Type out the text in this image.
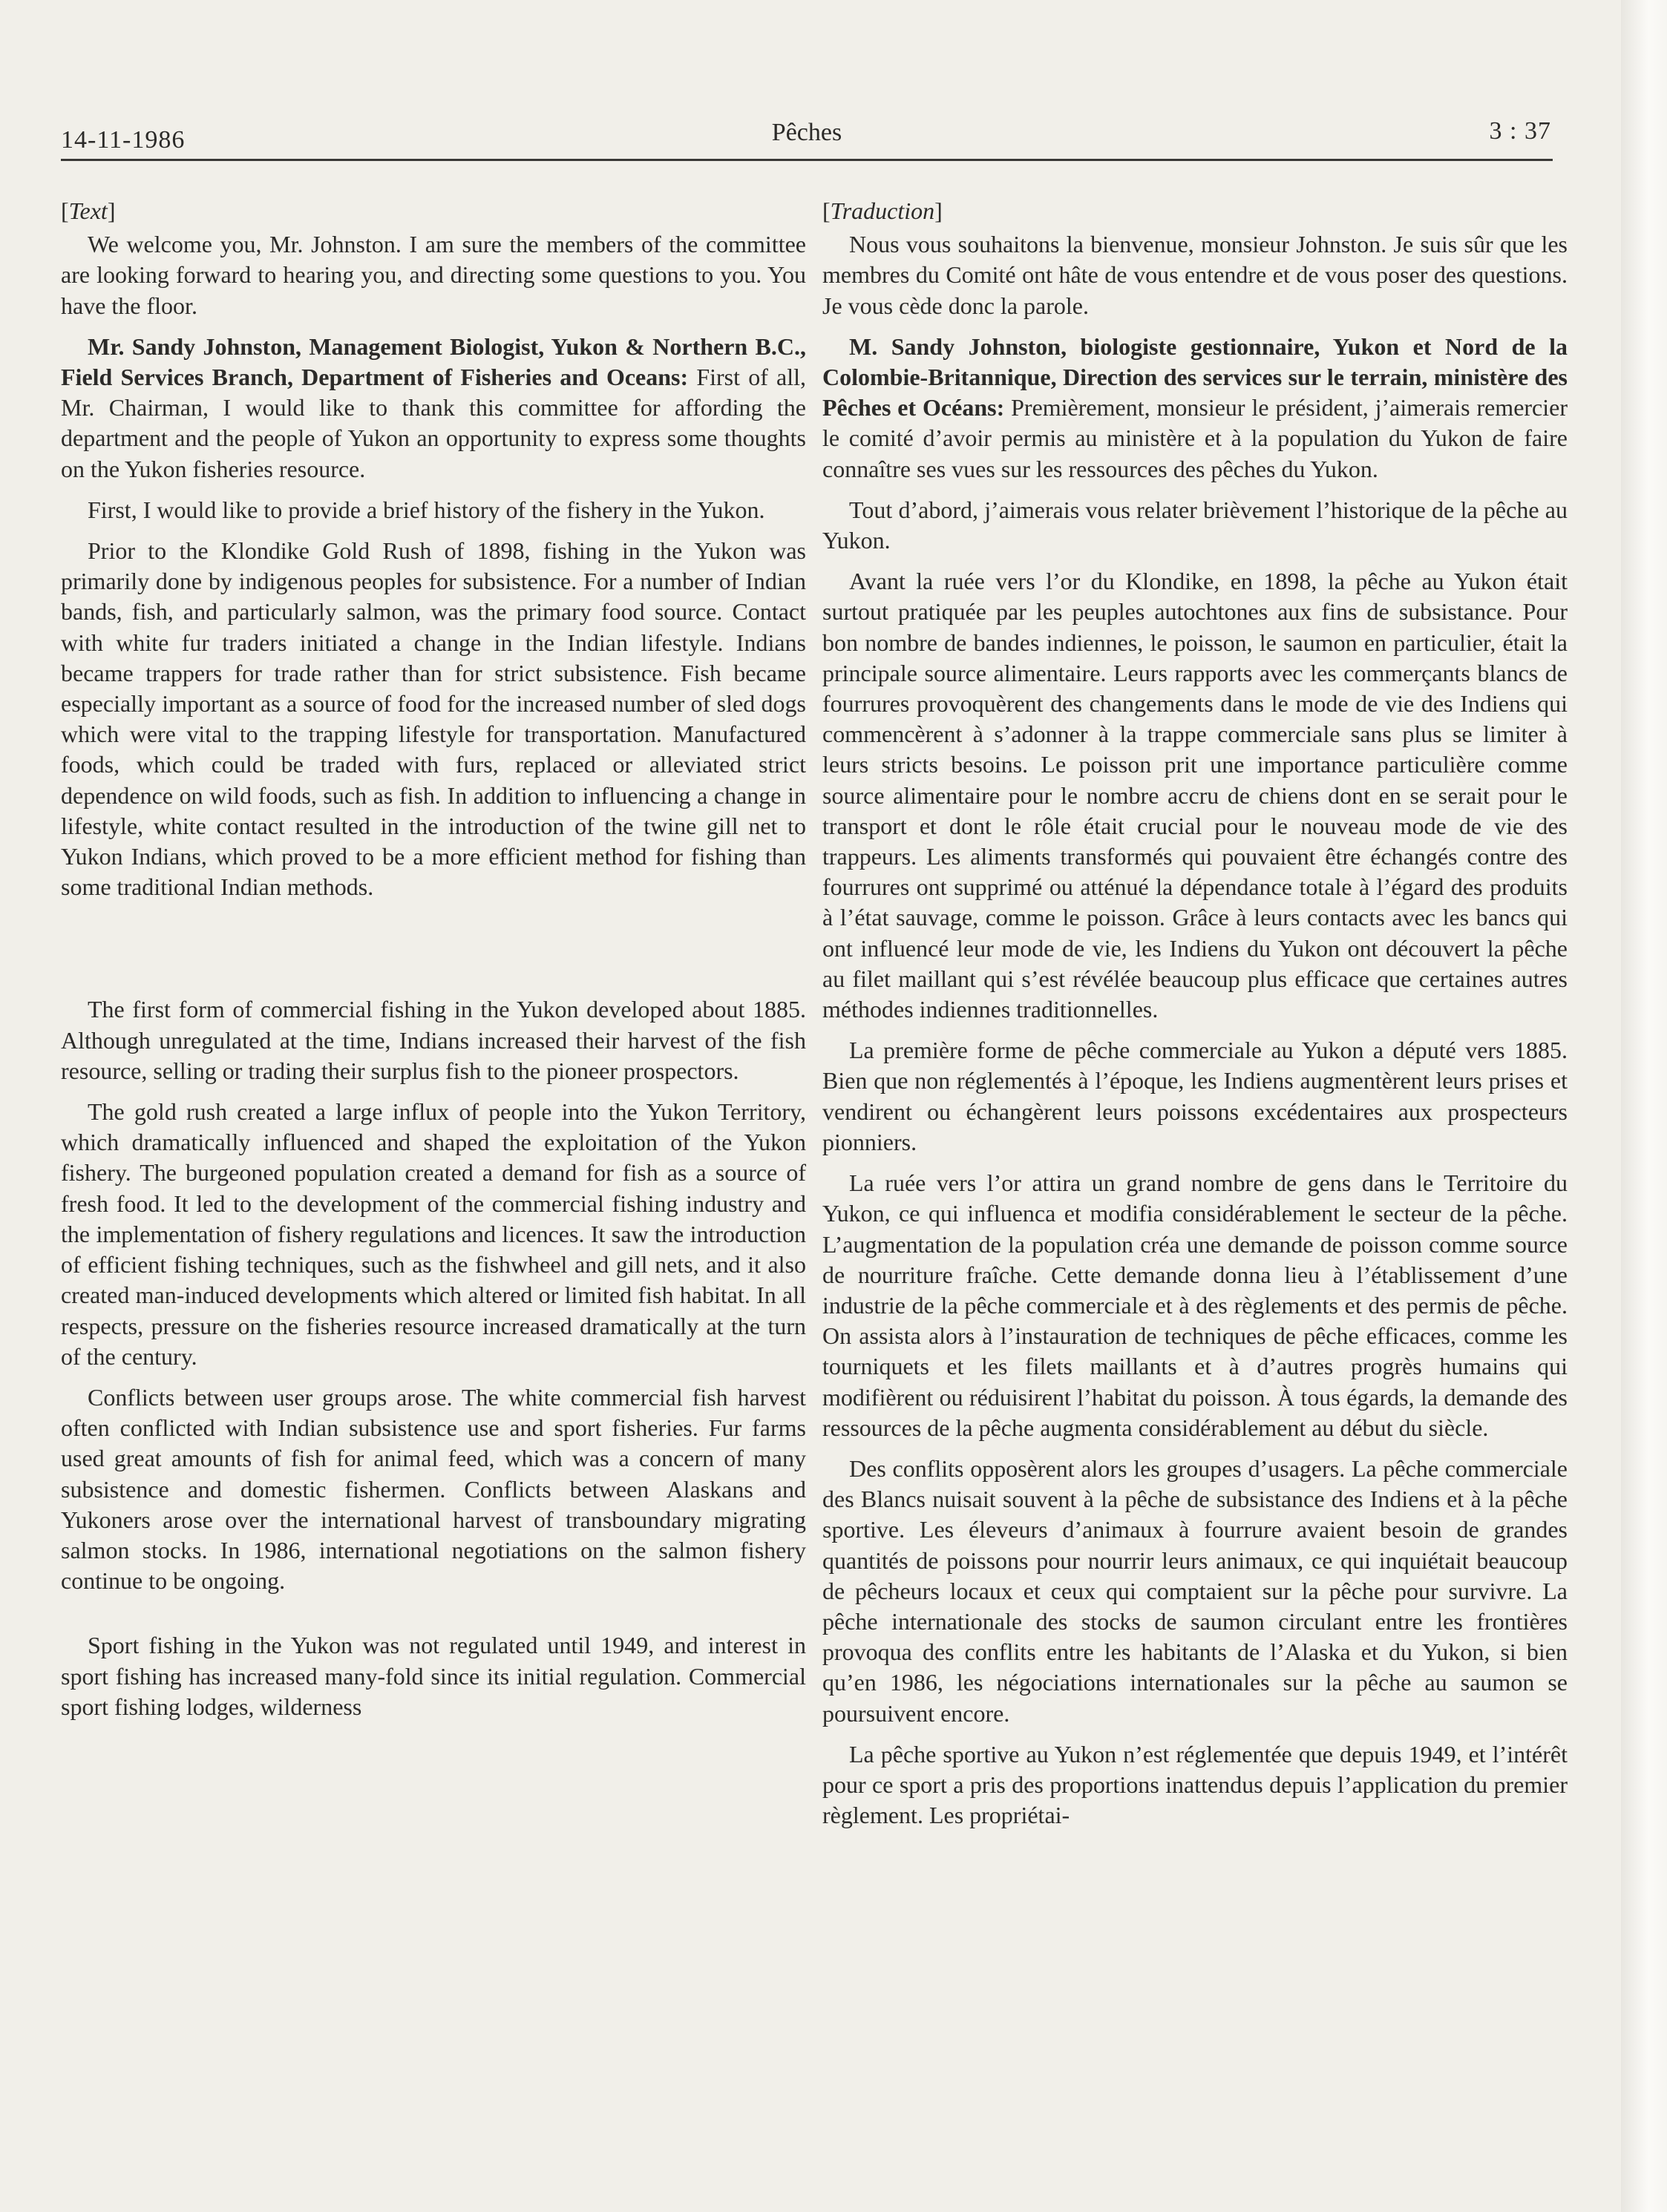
14-11-1986	Pêches	3 : 37

[Text]

We welcome you, Mr. Johnston. I am sure the members of the committee are looking forward to hearing you, and directing some questions to you. You have the floor.

Mr. Sandy Johnston, Management Biologist, Yukon & Northern B.C., Field Services Branch, Department of Fisheries and Oceans: First of all, Mr. Chairman, I would like to thank this committee for affording the department and the people of Yukon an opportunity to express some thoughts on the Yukon fisheries resource.

First, I would like to provide a brief history of the fishery in the Yukon.

Prior to the Klondike Gold Rush of 1898, fishing in the Yukon was primarily done by indigenous peoples for subsistence. For a number of Indian bands, fish, and particularly salmon, was the primary food source. Contact with white fur traders initiated a change in the Indian lifestyle. Indians became trappers for trade rather than for strict subsistence. Fish became especially important as a source of food for the increased number of sled dogs which were vital to the trapping lifestyle for transportation. Manufactured foods, which could be traded with furs, replaced or alleviated strict dependence on wild foods, such as fish. In addition to influencing a change in lifestyle, white contact resulted in the introduction of the twine gill net to Yukon Indians, which proved to be a more efficient method for fishing than some traditional Indian methods.

The first form of commercial fishing in the Yukon developed about 1885. Although unregulated at the time, Indians increased their harvest of the fish resource, selling or trading their surplus fish to the pioneer prospectors.

The gold rush created a large influx of people into the Yukon Territory, which dramatically influenced and shaped the exploitation of the Yukon fishery. The burgeoned population created a demand for fish as a source of fresh food. It led to the development of the commercial fishing industry and the implementation of fishery regulations and licences. It saw the introduction of efficient fishing techniques, such as the fishwheel and gill nets, and it also created man-induced developments which altered or limited fish habitat. In all respects, pressure on the fisheries resource increased dramatically at the turn of the century.

Conflicts between user groups arose. The white commercial fish harvest often conflicted with Indian subsistence use and sport fisheries. Fur farms used great amounts of fish for animal feed, which was a concern of many subsistence and domestic fishermen. Conflicts between Alaskans and Yukoners arose over the international harvest of transboundary migrating salmon stocks. In 1986, international negotiations on the salmon fishery continue to be ongoing.

Sport fishing in the Yukon was not regulated until 1949, and interest in sport fishing has increased many-fold since its initial regulation. Commercial sport fishing lodges, wilderness

[Traduction]

Nous vous souhaitons la bienvenue, monsieur Johnston. Je suis sûr que les membres du Comité ont hâte de vous entendre et de vous poser des questions. Je vous cède donc la parole.

M. Sandy Johnston, biologiste gestionnaire, Yukon et Nord de la Colombie-Britannique, Direction des services sur le terrain, ministère des Pêches et Océans: Premièrement, monsieur le président, j’aimerais remercier le comité d’avoir permis au ministère et à la population du Yukon de faire connaître ses vues sur les ressources des pêches du Yukon.

Tout d’abord, j’aimerais vous relater brièvement l’historique de la pêche au Yukon.

Avant la ruée vers l’or du Klondike, en 1898, la pêche au Yukon était surtout pratiquée par les peuples autochtones aux fins de subsistance. Pour bon nombre de bandes indiennes, le poisson, le saumon en particulier, était la principale source alimentaire. Leurs rapports avec les commerçants blancs de fourrures provoquèrent des changements dans le mode de vie des Indiens qui commencèrent à s’adonner à la trappe commerciale sans plus se limiter à leurs stricts besoins. Le poisson prit une importance particulière comme source alimentaire pour le nombre accru de chiens dont en se serait pour le transport et dont le rôle était crucial pour le nouveau mode de vie des trappeurs. Les aliments transformés qui pouvaient être échangés contre des fourrures ont supprimé ou atténué la dépendance totale à l’égard des produits à l’état sauvage, comme le poisson. Grâce à leurs contacts avec les bancs qui ont influencé leur mode de vie, les Indiens du Yukon ont découvert la pêche au filet maillant qui s’est révélée beaucoup plus efficace que certaines autres méthodes indiennes traditionnelles.

La première forme de pêche commerciale au Yukon a député vers 1885. Bien que non réglementés à l’époque, les Indiens augmentèrent leurs prises et vendirent ou échangèrent leurs poissons excédentaires aux prospecteurs pionniers.

La ruée vers l’or attira un grand nombre de gens dans le Territoire du Yukon, ce qui influenca et modifia considérablement le secteur de la pêche. L’augmentation de la population créa une demande de poisson comme source de nourriture fraîche. Cette demande donna lieu à l’établissement d’une industrie de la pêche commerciale et à des règlements et des permis de pêche. On assista alors à l’instauration de techniques de pêche efficaces, comme les tourniquets et les filets maillants et à d’autres progrès humains qui modifièrent ou réduisirent l’habitat du poisson. À tous égards, la demande des ressources de la pêche augmenta considérablement au début du siècle.

Des conflits opposèrent alors les groupes d’usagers. La pêche commerciale des Blancs nuisait souvent à la pêche de subsistance des Indiens et à la pêche sportive. Les éleveurs d’animaux à fourrure avaient besoin de grandes quantités de poissons pour nourrir leurs animaux, ce qui inquiétait beaucoup de pêcheurs locaux et ceux qui comptaient sur la pêche pour survivre. La pêche internationale des stocks de saumon circulant entre les frontières provoqua des conflits entre les habitants de l’Alaska et du Yukon, si bien qu’en 1986, les négociations internationales sur la pêche au saumon se poursuivent encore.

La pêche sportive au Yukon n’est réglementée que depuis 1949, et l’intérêt pour ce sport a pris des proportions inattendus depuis l’application du premier règlement. Les propriétai-
